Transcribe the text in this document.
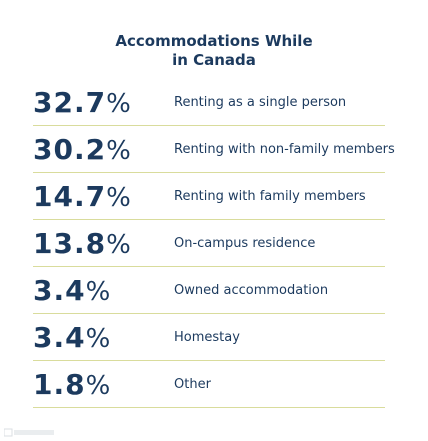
Accommodations While
in Canada
32.7%	Renting as a single person
30.2%	Renting with non-family members
14.7%	Renting with family members
13.8%	On-campus residence
3.4%	Owned accommodation
3.4%	Homestay
1.8%	Other
